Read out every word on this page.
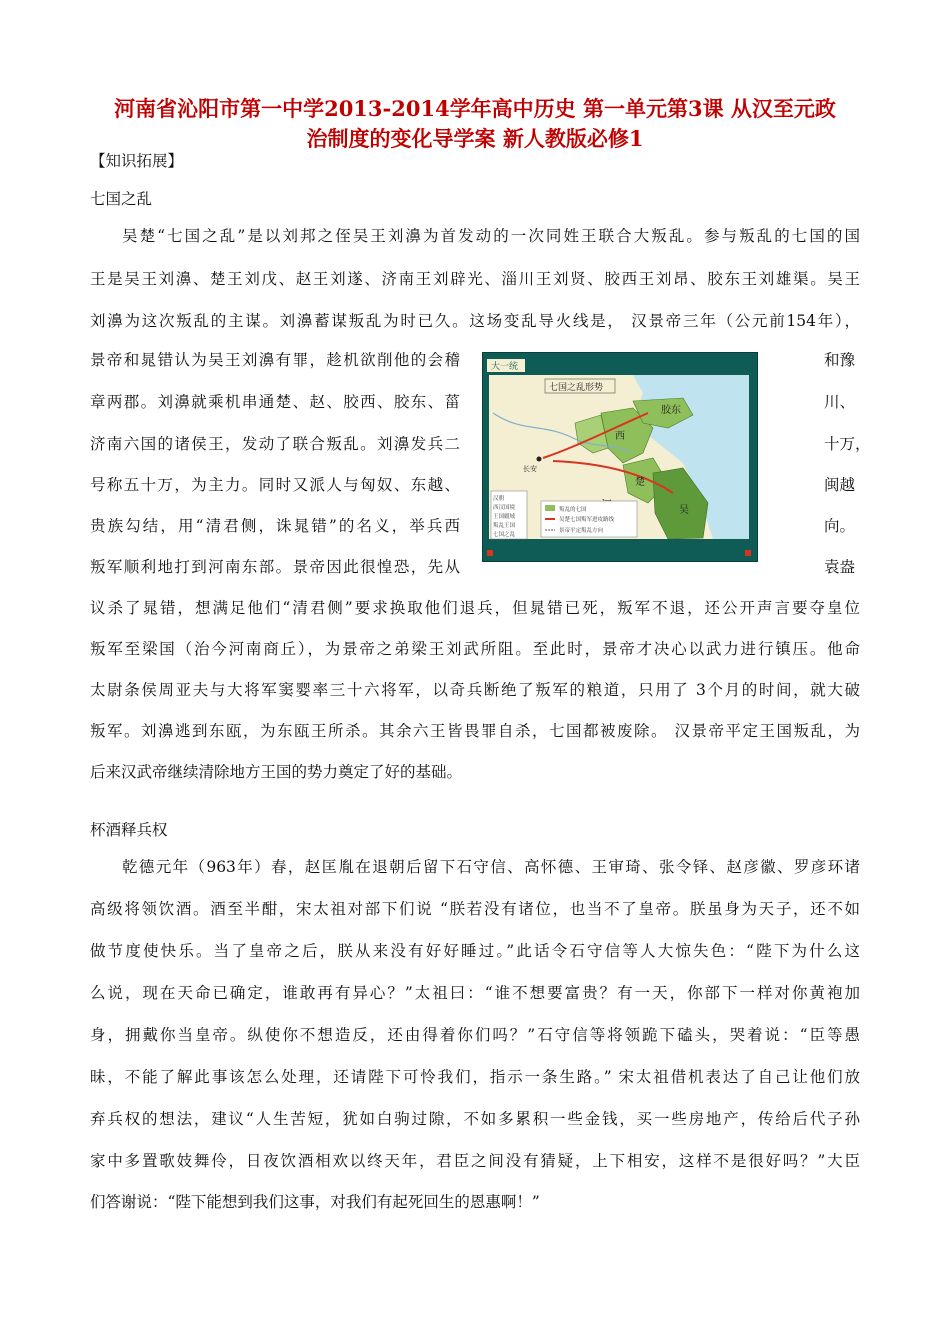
河南省沁阳市第一中学2013-2014学年高中历史 第一单元第3课 从汉至元政
治制度的变化导学案 新人教版必修1
【知识拓展】
七国之乱
吴楚“七国之乱”是以刘邦之侄吴王刘濞为首发动的一次同姓王联合大叛乱。参与叛乱的七国的国
王是吴王刘濞、楚王刘戊、赵王刘遂、济南王刘辟光、淄川王刘贤、胶西王刘昂、胶东王刘雄渠。吴王
刘濞为这次叛乱的主谋。刘濞蓄谋叛乱为时已久。这场变乱导火线是， 汉景帝三年（公元前154年），
景帝和晁错认为吴王刘濞有罪，趁机欲削他的会稽
章两郡。刘濞就乘机串通楚、赵、胶西、胶东、菑
济南六国的诸侯王，发动了联合叛乱。刘濞发兵二
号称五十万，为主力。同时又派人与匈奴、东越、
贵族勾结，用“清君侧，诛晁错”的名义，举兵西
叛军顺利地打到河南东部。景帝因此很惶恐，先从
和豫
川、
十万，
闽越
向。
袁盎
大一统
七国之乱形势
胶东
西
楚
吴
长安
汉朝
西汉国境
王国疆域
叛乱王国
七国之乱
叛乱的七国
吴楚七国叛军进攻路线
景帝平定叛乱方向
议杀了晁错，想满足他们“清君侧”要求换取他们退兵，但晁错已死，叛军不退，还公开声言要夺皇位
叛军至梁国（治今河南商丘），为景帝之弟梁王刘武所阻。至此时，景帝才决心以武力进行镇压。他命
太尉条侯周亚夫与大将军窦婴率三十六将军，以奇兵断绝了叛军的粮道，只用了 3个月的时间，就大破
叛军。刘濞逃到东瓯，为东瓯王所杀。其余六王皆畏罪自杀，七国都被废除。 汉景帝平定王国叛乱，为
后来汉武帝继续清除地方王国的势力奠定了好的基础。
杯酒释兵权
乾德元年（963年）春，赵匡胤在退朝后留下石守信、高怀德、王审琦、张令铎、赵彦徽、罗彦环诸
高级将领饮酒。酒至半酣，宋太祖对部下们说 “朕若没有诸位，也当不了皇帝。朕虽身为天子，还不如
做节度使快乐。当了皇帝之后，朕从来没有好好睡过。”此话令石守信等人大惊失色：“陛下为什么这
么说，现在天命已确定，谁敢再有异心？”太祖曰：“谁不想要富贵？有一天，你部下一样对你黄袍加
身，拥戴你当皇帝。纵使你不想造反，还由得着你们吗？”石守信等将领跪下磕头，哭着说：“臣等愚
昧，不能了解此事该怎么处理，还请陛下可怜我们，指示一条生路。” 宋太祖借机表达了自己让他们放
弃兵权的想法，建议“人生苦短，犹如白驹过隙，不如多累积一些金钱，买一些房地产，传给后代子孙
家中多置歌妓舞伶，日夜饮酒相欢以终天年，君臣之间没有猜疑，上下相安，这样不是很好吗？”大臣
们答谢说：“陛下能想到我们这事，对我们有起死回生的恩惠啊！”
